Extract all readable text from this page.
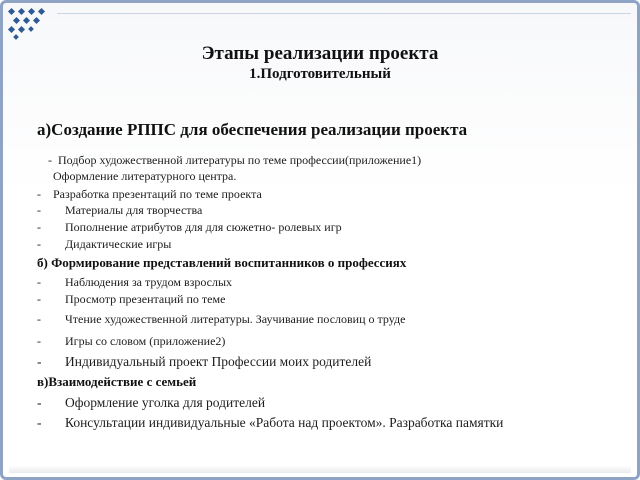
Этапы реализации проекта
1.Подготовительный
а)Создание РППС для обеспечения реализации проекта
-  Подбор художественной литературы по теме профессии(приложение1)
Оформление литературного центра.
-    Разработка презентаций по теме проекта
- Материалы для творчества
- Пополнение атрибутов для для сюжетно- ролевых игр
- Дидактические игры
б) Формирование представлений воспитанников о профессиях
- Наблюдения за трудом взрослых
- Просмотр презентаций по теме
- Чтение художественной литературы. Заучивание пословиц о труде
- Игры со словом (приложение2)
- Индивидуальный проект Профессии моих родителей
в)Взаимодействие с семьей
- Оформление уголка для родителей
- Консультации индивидуальные «Работа над проектом». Разработка памятки
